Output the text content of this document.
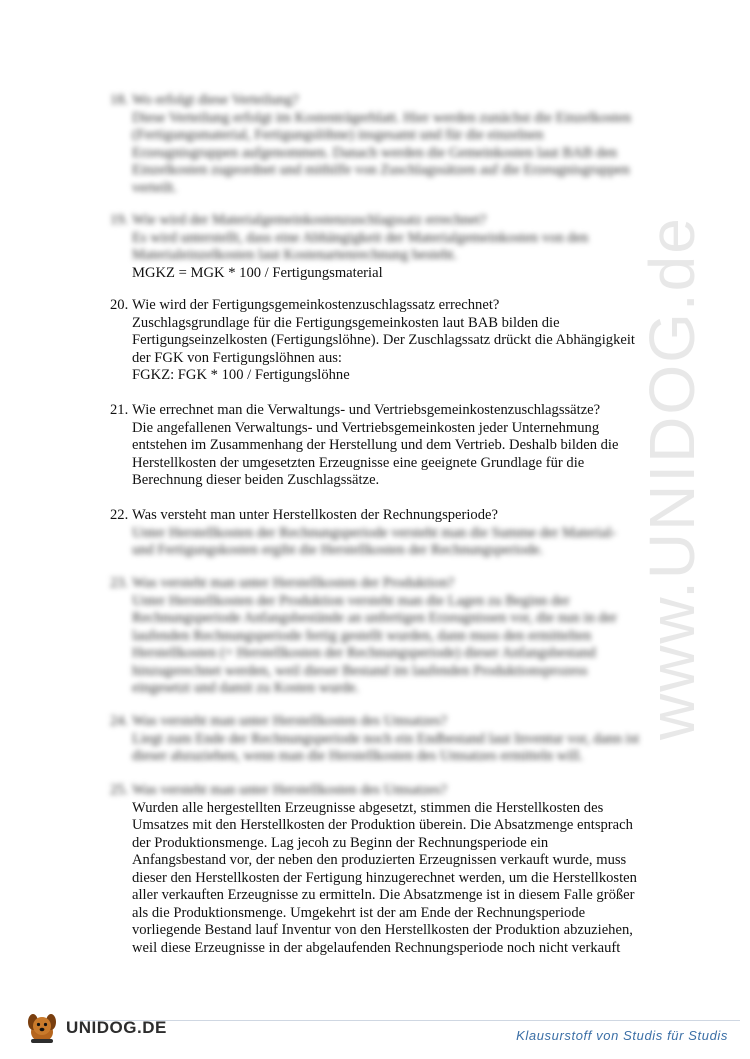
www.UNIDOG.de
18. Wo erfolgt diese Verteilung?
Diese Verteilung erfolgt im Kostenträgerblatt. Hier werden zunächst die Einzelkosten
(Fertigungsmaterial, Fertigungslöhne) insgesamt und für die einzelnen
Erzeugnisgruppen aufgenommen. Danach werden die Gemeinkosten laut BAB den
Einzelkosten zugeordnet und mithilfe von Zuschlagssätzen auf die Erzeugnisgruppen
verteilt.
19. Wie wird der Materialgemeinkostenzuschlagssatz errechnet?
Es wird unterstellt, dass eine Abhängigkeit der Materialgemeinkosten von den
Materialeinzelkosten laut Kostenartenrechnung besteht.
MGKZ = MGK * 100 / Fertigungsmaterial
20. Wie wird der Fertigungsgemeinkostenzuschlagssatz errechnet?
Zuschlagsgrundlage für die Fertigungsgemeinkosten laut BAB bilden die
Fertigungseinzelkosten (Fertigungslöhne). Der Zuschlagssatz drückt die Abhängigkeit
der FGK von Fertigungslöhnen aus:
FGKZ: FGK * 100 / Fertigungslöhne
21. Wie errechnet man die Verwaltungs- und Vertriebsgemeinkostenzuschlagssätze?
Die angefallenen Verwaltungs- und Vertriebsgemeinkosten jeder Unternehmung
entstehen im Zusammenhang der Herstellung und dem Vertrieb. Deshalb bilden die
Herstellkosten der umgesetzten Erzeugnisse eine geeignete Grundlage für die
Berechnung dieser beiden Zuschlagssätze.
22. Was versteht man unter Herstellkosten der Rechnungsperiode?
Unter Herstellkosten der Rechnungsperiode versteht man die Summe der Material-
und Fertigungskosten ergibt die Herstellkosten der Rechnungsperiode.
23. Was versteht man unter Herstellkosten der Produktion?
Unter Herstellkosten der Produktion versteht man die Lagen zu Beginn der
Rechnungsperiode Anfangsbestände an unfertigen Erzeugnissen vor, die nun in der
laufenden Rechnungsperiode fertig gestellt wurden, dann muss den ermittelten
Herstellkosten (= Herstellkosten der Rechnungsperiode) dieser Anfangsbestand
hinzugerechnet werden, weil dieser Bestand im laufenden Produktionsprozess
eingesetzt und damit zu Kosten wurde.
24. Was versteht man unter Herstellkosten des Umsatzes?
Liegt zum Ende der Rechnungsperiode noch ein Endbestand laut Inventur vor, dann ist
dieser abzuziehen, wenn man die Herstellkosten des Umsatzes ermitteln will.
25. Was versteht man unter Herstellkosten des Umsatzes?
Wurden alle hergestellten Erzeugnisse abgesetzt, stimmen die Herstellkosten des
Umsatzes mit den Herstellkosten der Produktion überein. Die Absatzmenge entsprach
der Produktionsmenge. Lag jecoh zu Beginn der Rechnungsperiode ein
Anfangsbestand vor, der neben den produzierten Erzeugnissen verkauft wurde, muss
dieser den Herstellkosten der Fertigung hinzugerechnet werden, um die Herstellkosten
aller verkauften Erzeugnisse zu ermitteln. Die Absatzmenge ist in diesem Falle größer
als die Produktionsmenge. Umgekehrt ist der am Ende der Rechnungsperiode
vorliegende Bestand lauf Inventur von den Herstellkosten der Produktion abzuziehen,
weil diese Erzeugnisse in der abgelaufenden Rechnungsperiode noch nicht verkauft
UNIDOG.DE	Klausurstoff von Studis für Studis
